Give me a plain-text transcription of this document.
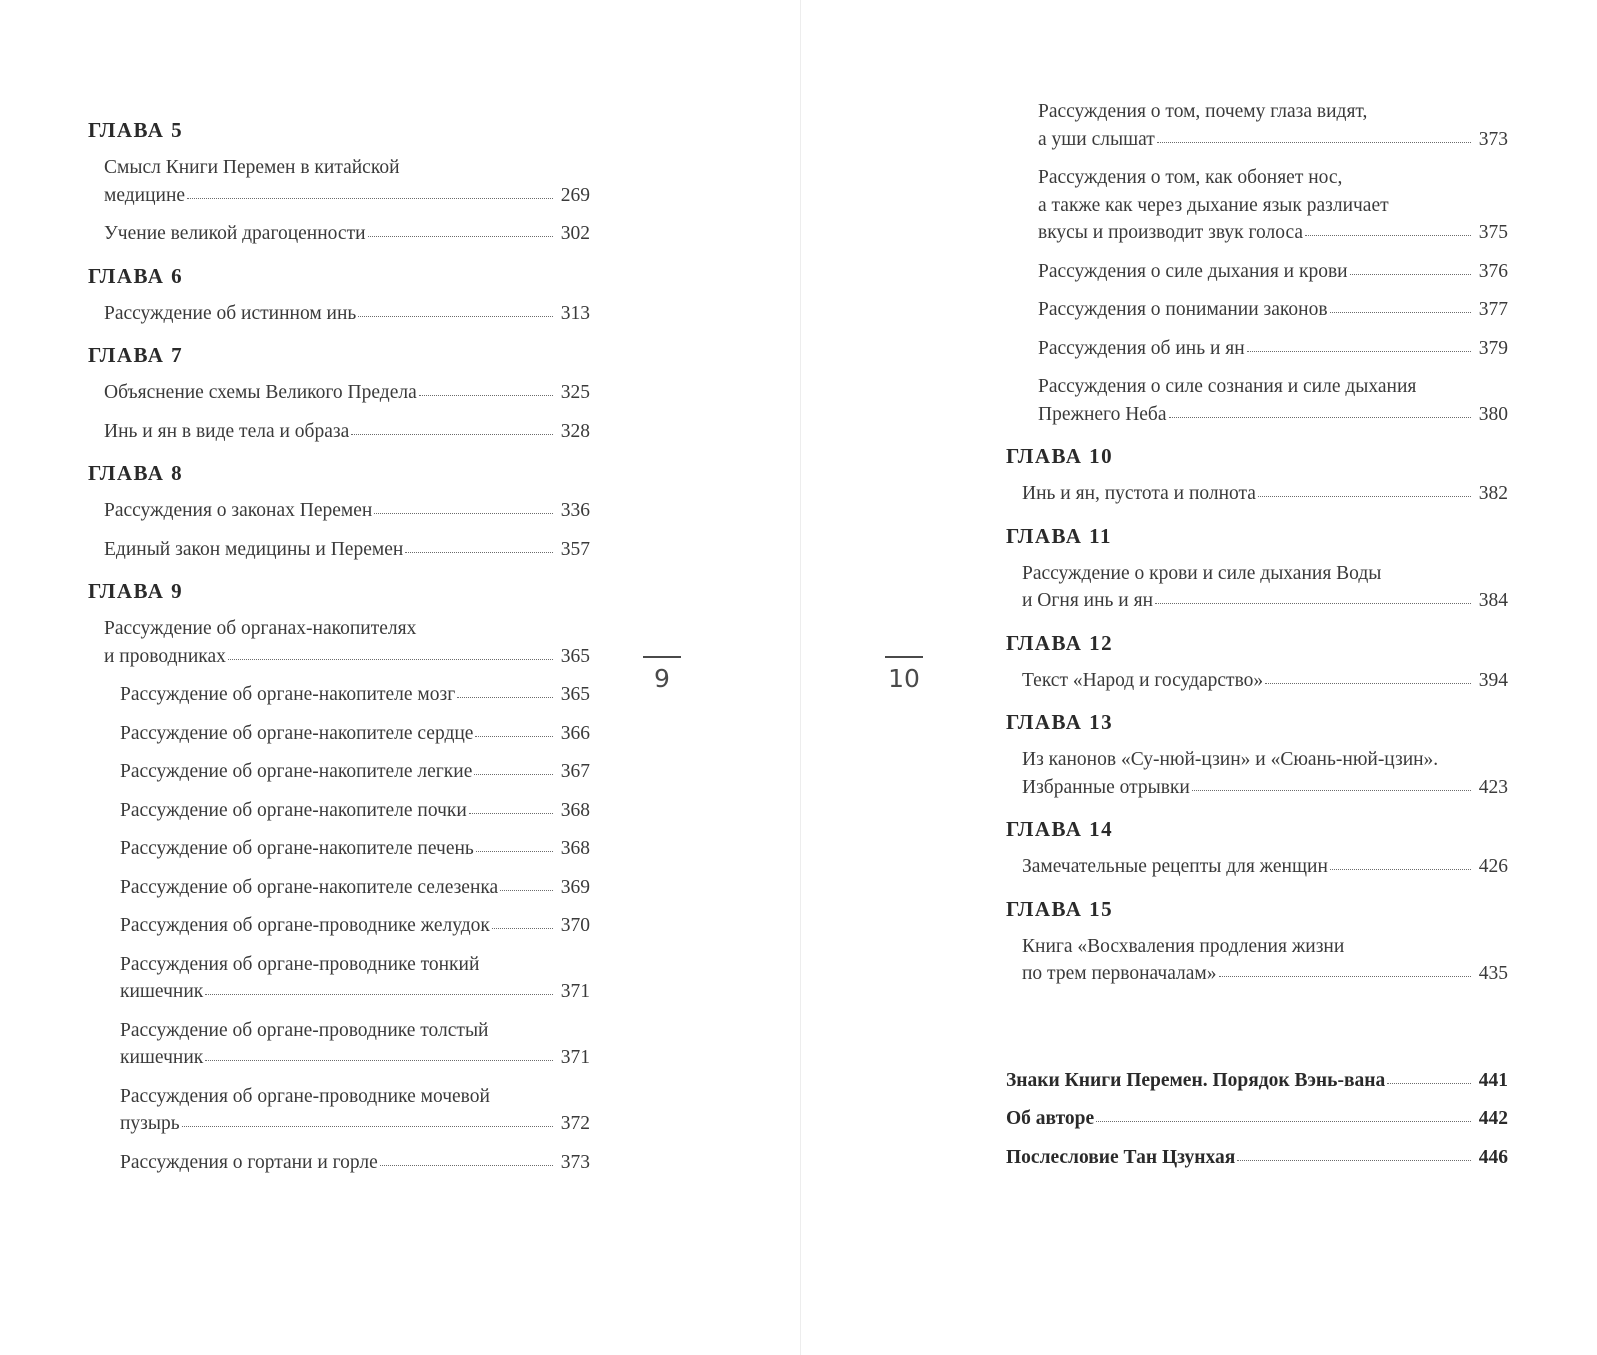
ГЛАВА 5
Смысл Книги Перемен в китайской
медицине	269
Учение великой драгоценности	302
ГЛАВА 6
Рассуждение об истинном инь	313
ГЛАВА 7
Объяснение схемы Великого Предела	325
Инь и ян в виде тела и образа	328
ГЛАВА 8
Рассуждения о законах Перемен	336
Единый закон медицины и Перемен	357
ГЛАВА 9
Рассуждение об органах-накопителях
и проводниках	365
Рассуждение об органе-накопителе мозг	365
Рассуждение об органе-накопителе сердце	366
Рассуждение об органе-накопителе легкие	367
Рассуждение об органе-накопителе почки	368
Рассуждение об органе-накопителе печень	368
Рассуждение об органе-накопителе селезенка	369
Рассуждения об органе-проводнике желудок	370
Рассуждения об органе-проводнике тонкий
кишечник	371
Рассуждение об органе-проводнике толстый
кишечник	371
Рассуждения об органе-проводнике мочевой
пузырь	372
Рассуждения о гортани и горле	373
9	10
Рассуждения о том, почему глаза видят,
а уши слышат	373
Рассуждения о том, как обоняет нос,
а также как через дыхание язык различает
вкусы и производит звук голоса	375
Рассуждения о силе дыхания и крови	376
Рассуждения о понимании законов	377
Рассуждения об инь и ян	379
Рассуждения о силе сознания и силе дыхания
Прежнего Неба	380
ГЛАВА 10
Инь и ян, пустота и полнота	382
ГЛАВА 11
Рассуждение о крови и силе дыхания Воды
и Огня инь и ян	384
ГЛАВА 12
Текст «Народ и государство»	394
ГЛАВА 13
Из канонов «Су-нюй-цзин» и «Сюань-нюй-цзин».
Избранные отрывки	423
ГЛАВА 14
Замечательные рецепты для женщин	426
ГЛАВА 15
Книга «Восхваления продления жизни
по трем первоначалам»	435
Знаки Книги Перемен. Порядок Вэнь-вана	441
Об авторе	442
Послесловие Тан Цзунхая	446
